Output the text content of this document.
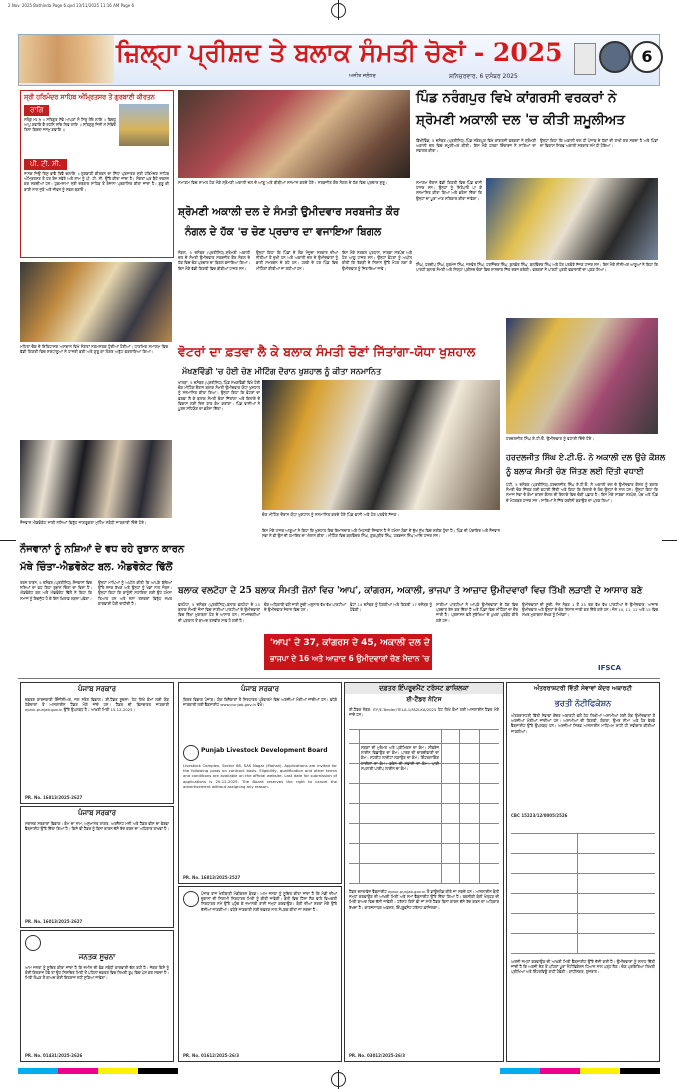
2 Nov. 2025 Bathinda Page 6.qxd 13/11/2025 11:16 AM Page 6
ਜ਼ਿਲ੍ਹਾ ਪ੍ਰੀਸ਼ਦ ਤੇ ਬਲਾਕ ਸੰਮਤੀ ਚੋਣਾਂ - 2025
ਸ਼ਨਿਚਰਵਾਰ, 6 ਦਸੰਬਰ 2025
ਅਜੀਤ ਜਲੰਧਰ
6
ਸ੍ਰੀ ਹਰਿਮੰਦਰ ਸਾਹਿਬ ਅੰਮ੍ਰਿਤਸਰ ਤੋਂ ਗੁਰਬਾਣੀ ਕੀਰਤਨ
ਰਾਗਿ
ਸਲੋਕੁ ਮਃ ੩ ॥ ਸਤਿਗੁਰ ਸੇਵੇ ਆਪਣਾ ਸੋ ਸਿਰੁ ਲੇਖੈ ਲਾਇ ॥ ਵਿਚਹੁ ਆਪੁ ਗਵਾਇ ਕੈ ਰਹਨਿ ਸਚਿ ਲਿਵ ਲਾਇ ॥ ਸਤਿਗੁਰੁ ਜਿਨੀ ਨ ਸੇਵਿਓ ਤਿਨਾ ਬਿਰਥਾ ਜਨਮੁ ਗਵਾਇ ॥
ਪੀ. ਟੀ. ਸੀ.
ਨਾਨਕ ਜਿਉ ਤਿਸੁ ਭਾਵੈ ਤਿਵੈ ਚਲਾਇ ॥ ਗੁਰਬਾਣੀ ਕੀਰਤਨ ਦਾ ਸਿੱਧਾ ਪ੍ਰਸਾਰਣ ਸ੍ਰੀ ਹਰਿਮੰਦਰ ਸਾਹਿਬ ਅੰਮ੍ਰਿਤਸਰ ਤੋਂ ਹਰ ਰੋਜ਼ ਸਵੇਰੇ ਅਤੇ ਸ਼ਾਮ ਨੂੰ ਪੀ. ਟੀ. ਸੀ. ਉੱਤੇ ਕੀਤਾ ਜਾਂਦਾ ਹੈ। ਸੰਗਤਾਂ ਘਰ ਬੈਠੇ ਦਰਸ਼ਨ ਕਰ ਸਕਦੀਆਂ ਹਨ। ਹੁਕਮਨਾਮਾ ਸ੍ਰੀ ਦਰਬਾਰ ਸਾਹਿਬ ਤੋਂ ਰੋਜ਼ਾਨਾ ਪ੍ਰਕਾਸ਼ਿਤ ਕੀਤਾ ਜਾਂਦਾ ਹੈ। ਗੁਰੂ ਕੀ ਬਾਣੀ ਨਾਲ ਜੁੜੋ ਅਤੇ ਜੀਵਨ ਨੂੰ ਸਫਲ ਬਣਾਓ।
ਸਮਾਗਮ ਵਿਚ ਸ਼ਾਮਲ ਹੋਣ ਮੌਕੇ ਸ਼੍ਰੋਮਣੀ ਅਕਾਲੀ ਦਲ ਦੇ ਆਗੂ ਅਤੇ ਬੀਬੀਆਂ ਸਨਮਾਨ ਕਰਦੇ ਹੋਏ। ਸਰਬਜੀਤ ਕੌਰ ਨੰਗਲ ਦੇ ਹੱਕ ਵਿਚ ਪ੍ਰਚਾਰ ਸ਼ੁਰੂ।
ਪਿੰਡ ਨਰੰਗਪੁਰ ਵਿਖੇ ਕਾਂਗਰਸੀ ਵਰਕਰਾਂ ਨੇ
ਸ਼੍ਰੋਮਣੀ ਅਕਾਲੀ ਦਲ 'ਚ ਕੀਤੀ ਸ਼ਮੂਲੀਅਤ
ਭਿੱਖੀਵਿੰਡ, 5 ਦਸੰਬਰ (ਪ੍ਰਤੀਨਿਧ)-ਪਿੰਡ ਨਰੰਗਪੁਰ ਵਿਖੇ ਕਾਂਗਰਸੀ ਵਰਕਰਾਂ ਨੇ ਸ਼੍ਰੋਮਣੀ ਅਕਾਲੀ ਦਲ ਵਿਚ ਸ਼ਮੂਲੀਅਤ ਕੀਤੀ। ਇਸ ਮੌਕੇ ਹਲਕਾ ਇੰਚਾਰਜ ਨੇ ਸਾਰਿਆਂ ਦਾ ਸਵਾਗਤ ਕੀਤਾ।
ਉਨ੍ਹਾਂ ਕਿਹਾ ਕਿ ਅਕਾਲੀ ਦਲ ਹੀ ਪੰਜਾਬ ਦੇ ਹੱਕਾਂ ਦੀ ਰਾਖੀ ਕਰ ਸਕਦਾ ਹੈ ਅਤੇ ਪਿੰਡਾਂ ਦਾ ਵਿਕਾਸ ਸਿਰਫ਼ ਅਕਾਲੀ ਸਰਕਾਰ ਸਮੇਂ ਹੀ ਹੋਇਆ।
ਸਮਾਗਮ ਦੌਰਾਨ ਵੱਡੀ ਗਿਣਤੀ ਵਿਚ ਪਿੰਡ ਵਾਸੀ ਹਾਜ਼ਰ ਸਨ। ਉਨ੍ਹਾਂ ਨੂੰ ਸਿਰੋਪਾਓ ਪਾ ਕੇ ਸਨਮਾਨਿਤ ਕੀਤਾ ਗਿਆ ਅਤੇ ਭਰੋਸਾ ਦਿੱਤਾ ਕਿ ਉਨ੍ਹਾਂ ਦਾ ਪੂਰਾ ਮਾਣ ਸਤਿਕਾਰ ਕੀਤਾ ਜਾਵੇਗਾ।
ਸਿੰਘ, ਹਰਦੀਪ ਸਿੰਘ, ਗੁਰਮੇਜ ਸਿੰਘ, ਜਸਵੰਤ ਸਿੰਘ, ਹਰਜਿੰਦਰ ਸਿੰਘ, ਕੁਲਵੰਤ ਸਿੰਘ, ਬਲਵਿੰਦਰ ਸਿੰਘ ਅਤੇ ਹੋਰ ਪਤਵੰਤੇ ਸੱਜਣ ਹਾਜ਼ਰ ਸਨ। ਇਸ ਮੌਕੇ ਸੀਨੀਅਰ ਆਗੂਆਂ ਨੇ ਕਿਹਾ ਕਿ ਪਾਰਟੀ ਬਲਾਕ ਸੰਮਤੀ ਅਤੇ ਜ਼ਿਲ੍ਹਾ ਪ੍ਰੀਸ਼ਦ ਚੋਣਾਂ ਵਿਚ ਸ਼ਾਨਦਾਰ ਜਿੱਤ ਦਰਜ ਕਰੇਗੀ। ਵਰਕਰਾਂ ਨੇ ਪਾਰਟੀ ਪ੍ਰਤੀ ਵਫ਼ਾਦਾਰੀ ਦਾ ਪ੍ਰਣ ਲਿਆ।
ਸ਼੍ਰੋਮਣੀ ਅਕਾਲੀ ਦਲ ਦੇ ਸੰਮਤੀ ਉਮੀਦਵਾਰ ਸਰਬਜੀਤ ਕੌਰ
ਨੰਗਲ ਦੇ ਹੱਕ 'ਚ ਚੋਣ ਪ੍ਰਚਾਰ ਦਾ ਵਜਾਇਆ ਬਿਗਲ
ਨੰਗਲ, 5 ਦਸੰਬਰ (ਪ੍ਰਤੀਨਿਧ)-ਸ਼੍ਰੋਮਣੀ ਅਕਾਲੀ ਦਲ ਦੇ ਸੰਮਤੀ ਉਮੀਦਵਾਰ ਸਰਬਜੀਤ ਕੌਰ ਨੰਗਲ ਦੇ ਹੱਕ ਵਿਚ ਚੋਣ ਪ੍ਰਚਾਰ ਦਾ ਬਿਗਲ ਵਜਾਇਆ ਗਿਆ। ਇਸ ਮੌਕੇ ਵੱਡੀ ਗਿਣਤੀ ਵਿਚ ਬੀਬੀਆਂ ਹਾਜ਼ਰ ਸਨ।
ਉਨ੍ਹਾਂ ਕਿਹਾ ਕਿ ਪਿੰਡਾਂ ਦੇ ਲੋਕ ਮੌਜੂਦਾ ਸਰਕਾਰ ਦੀਆਂ ਨੀਤੀਆਂ ਤੋਂ ਦੁਖੀ ਹਨ ਅਤੇ ਅਕਾਲੀ ਦਲ ਦੇ ਉਮੀਦਵਾਰਾਂ ਨੂੰ ਭਾਰੀ ਸਮਰਥਨ ਦੇ ਰਹੇ ਹਨ। ਹਲਕੇ ਦੇ ਹਰ ਪਿੰਡ ਵਿਚ ਮੀਟਿੰਗਾਂ ਕੀਤੀਆਂ ਜਾ ਰਹੀਆਂ ਹਨ।
ਇਸ ਮੌਕੇ ਸਰਕਲ ਪ੍ਰਧਾਨ, ਸਾਬਕਾ ਸਰਪੰਚ ਅਤੇ ਹੋਰ ਆਗੂ ਹਾਜ਼ਰ ਸਨ। ਉਨ੍ਹਾਂ ਵੋਟਰਾਂ ਨੂੰ ਅਪੀਲ ਕੀਤੀ ਕਿ ਤੱਕੜੀ ਦੇ ਨਿਸ਼ਾਨ ਉੱਤੇ ਮੋਹਰ ਲਗਾ ਕੇ ਉਮੀਦਵਾਰ ਨੂੰ ਜਿਤਾਇਆ ਜਾਵੇ।
ਮਹਿਤਾ ਚੌਕ ਦੇ ਇਤਿਹਾਸਕ ਅਸਥਾਨ ਵਿਖੇ ਸੰਗਤਾਂ ਨਤਮਸਤਕ ਹੁੰਦੀਆਂ ਹੋਈਆਂ। ਧਾਰਮਿਕ ਸਮਾਗਮ ਵਿਚ ਵੱਡੀ ਗਿਣਤੀ ਵਿਚ ਸ਼ਰਧਾਲੂਆਂ ਨੇ ਹਾਜ਼ਰੀ ਭਰੀ ਅਤੇ ਗੁਰੂ ਕਾ ਲੰਗਰ ਅਤੁੱਟ ਵਰਤਾਇਆ ਗਿਆ।	ਵੋਟਰਾਂ ਦਾ ਫ਼ਤਵਾ ਲੈ ਕੇ ਬਲਾਕ ਸੰਮਤੀ ਚੋਣਾਂ ਜਿੱਤਾਂਗਾ-ਯੋਧਾ ਖੁਸ਼ਹਾਲ
ਮੱਖਣਵਿੰਡੀ 'ਚ ਹੋਈ ਚੋਣ ਮੀਟਿੰਗ ਦੌਰਾਨ ਖੁਸ਼ਹਾਲ ਨੂੰ ਕੀਤਾ ਸਨਮਾਨਿਤ
ਖਾਲੜਾ, 5 ਦਸੰਬਰ (ਪ੍ਰਤੀਨਿਧ)-ਪਿੰਡ ਮੱਖਣਵਿੰਡੀ ਵਿਖੇ ਹੋਈ ਚੋਣ ਮੀਟਿੰਗ ਦੌਰਾਨ ਬਲਾਕ ਸੰਮਤੀ ਉਮੀਦਵਾਰ ਯੋਧਾ ਖੁਸ਼ਹਾਲ ਨੂੰ ਸਨਮਾਨਿਤ ਕੀਤਾ ਗਿਆ। ਉਨ੍ਹਾਂ ਕਿਹਾ ਕਿ ਵੋਟਰਾਂ ਦਾ ਫ਼ਤਵਾ ਲੈ ਕੇ ਬਲਾਕ ਸੰਮਤੀ ਚੋਣਾਂ ਜਿੱਤਾਂਗਾ ਅਤੇ ਇਲਾਕੇ ਦੇ ਵਿਕਾਸ ਲਈ ਦਿਨ ਰਾਤ ਕੰਮ ਕਰਾਂਗਾ। ਪਿੰਡ ਵਾਸੀਆਂ ਨੇ ਪੂਰਨ ਸਹਿਯੋਗ ਦਾ ਭਰੋਸਾ ਦਿੱਤਾ।
ਚੋਣ ਮੀਟਿੰਗ ਦੌਰਾਨ ਯੋਧਾ ਖੁਸ਼ਹਾਲ ਨੂੰ ਸਨਮਾਨਿਤ ਕਰਦੇ ਹੋਏ ਪਿੰਡ ਵਾਸੀ ਅਤੇ ਹੋਰ ਪਤਵੰਤੇ ਸੱਜਣ।
ਇਸ ਮੌਕੇ ਹਾਜ਼ਰ ਆਗੂਆਂ ਨੇ ਕਿਹਾ ਕਿ ਖੁਸ਼ਹਾਲ ਇਕ ਇਮਾਨਦਾਰ ਅਤੇ ਮਿਹਨਤੀ ਨੌਜਵਾਨ ਹੈ ਜੋ ਹਮੇਸ਼ਾ ਲੋਕਾਂ ਦੇ ਦੁੱਖ ਸੁੱਖ ਵਿਚ ਸ਼ਰੀਕ ਹੁੰਦਾ ਹੈ। ਪਿੰਡ ਦੀ ਪੰਚਾਇਤ ਅਤੇ ਨੌਜਵਾਨ ਸਭਾ ਨੇ ਵੀ ਉਸ ਦੀ ਹਮਾਇਤ ਦਾ ਐਲਾਨ ਕੀਤਾ। ਮੀਟਿੰਗ ਵਿਚ ਬਲਵਿੰਦਰ ਸਿੰਘ, ਗੁਰਪ੍ਰੀਤ ਸਿੰਘ, ਹਰਭਜਨ ਸਿੰਘ ਆਦਿ ਹਾਜ਼ਰ ਸਨ।
ਹਰਦਲਜੀਤ ਸਿੰਘ ਏ.ਟੀ.ਓ. ਉਮੀਦਵਾਰ ਨੂੰ ਵਧਾਈ ਦਿੰਦੇ ਹੋਏ।
ਹਰਦਲਜੀਤ ਸਿੰਘ ਏ.ਟੀ.ਓ. ਨੇ ਅਕਾਲੀ ਦਲ ਉਚੇ ਕੌਸ਼ਲ
ਨੂੰ ਬਲਾਕ ਸੰਮਤੀ ਚੋਣ ਜਿੱਤਣ ਲਈ ਦਿੱਤੀ ਵਧਾਈ
ਪੱਟੀ, 5 ਦਸੰਬਰ (ਪ੍ਰਤੀਨਿਧ)-ਹਰਦਲਜੀਤ ਸਿੰਘ ਏ.ਟੀ.ਓ. ਨੇ ਅਕਾਲੀ ਦਲ ਦੇ ਉਮੀਦਵਾਰ ਕੌਸ਼ਲ ਨੂੰ ਬਲਾਕ ਸੰਮਤੀ ਚੋਣ ਜਿੱਤਣ ਲਈ ਵਧਾਈ ਦਿੱਤੀ ਅਤੇ ਕਿਹਾ ਕਿ ਇਲਾਕੇ ਦੇ ਲੋਕ ਉਨ੍ਹਾਂ ਦੇ ਨਾਲ ਹਨ। ਉਨ੍ਹਾਂ ਕਿਹਾ ਕਿ ਸਮਾਜ ਸੇਵਾ ਦੇ ਕੰਮਾਂ ਕਾਰਨ ਕੌਸ਼ਲ ਦੀ ਇਲਾਕੇ ਵਿਚ ਚੰਗੀ ਪਛਾਣ ਹੈ। ਇਸ ਮੌਕੇ ਸਾਬਕਾ ਸਰਪੰਚ, ਪੰਚ ਅਤੇ ਪਿੰਡ ਦੇ ਮੋਹਤਬਰ ਹਾਜ਼ਰ ਸਨ। ਸਾਰਿਆਂ ਨੇ ਜਿੱਤ ਯਕੀਨੀ ਬਣਾਉਣ ਦਾ ਪ੍ਰਣ ਲਿਆ।
ਨੌਜਵਾਨ ਐਡਵੋਕੇਟ ਸਾਥੀ ਨਸ਼ਿਆਂ ਵਿਰੁੱਧ ਜਾਗਰੂਕਤਾ ਮੁਹਿੰਮ ਸਬੰਧੀ ਜਾਣਕਾਰੀ ਦਿੰਦੇ ਹੋਏ।
ਨੌਜਵਾਨਾਂ ਨੂੰ ਨਸ਼ਿਆਂ ਦੇ ਵਧ ਰਹੇ ਰੁਝਾਨ ਕਾਰਨ
ਮੱਥੇ ਚਿੰਤਾ-ਐਡਵੋਕੇਟ ਬਲ. ਐਡਵੋਕੇਟ ਢਿੱਲੋਂ
ਤਰਨ ਤਾਰਨ, 5 ਦਸੰਬਰ (ਪ੍ਰਤੀਨਿਧ)-ਨੌਜਵਾਨਾਂ ਵਿਚ ਨਸ਼ਿਆਂ ਦਾ ਵਧ ਰਿਹਾ ਰੁਝਾਨ ਚਿੰਤਾ ਦਾ ਵਿਸ਼ਾ ਹੈ। ਐਡਵੋਕੇਟ ਬਲ ਅਤੇ ਐਡਵੋਕੇਟ ਢਿੱਲੋਂ ਨੇ ਕਿਹਾ ਕਿ ਸਮਾਜ ਨੂੰ ਇਕਜੁੱਟ ਹੋ ਕੇ ਇਸ ਖ਼ਿਲਾਫ਼ ਲੜਨਾ ਪਵੇਗਾ।
ਉਨ੍ਹਾਂ ਮਾਪਿਆਂ ਨੂੰ ਅਪੀਲ ਕੀਤੀ ਕਿ ਆਪਣੇ ਬੱਚਿਆਂ ਉੱਤੇ ਨਜ਼ਰ ਰੱਖਣ ਅਤੇ ਉਨ੍ਹਾਂ ਨੂੰ ਖੇਡਾਂ ਨਾਲ ਜੋੜਨ। ਉਨ੍ਹਾਂ ਕਿਹਾ ਕਿ ਕਾਨੂੰਨੀ ਸਹਾਇਤਾ ਲਈ ਉਹ ਹਮੇਸ਼ਾ ਤਿਆਰ ਹਨ ਅਤੇ ਨਸ਼ਾ ਤਸਕਰਾਂ ਵਿਰੁੱਧ ਸਖ਼ਤ ਕਾਰਵਾਈ ਹੋਣੀ ਚਾਹੀਦੀ ਹੈ।
ਬਲਾਕ ਵਲਟੋਹਾ ਦੇ 25 ਬਲਾਕ ਸੰਮਤੀ ਜ਼ੋਨਾਂ ਵਿਚ 'ਆਪ', ਕਾਂਗਰਸ, ਅਕਾਲੀ, ਭਾਜਪਾ ਤੇ ਆਜ਼ਾਦ ਉਮੀਦਵਾਰਾਂ ਵਿਚ ਤਿੱਖੀ ਲੜਾਈ ਦੇ ਆਸਾਰ ਬਣੇ
ਵਲਟੋਹਾ, 5 ਦਸੰਬਰ (ਪ੍ਰਤੀਨਿਧ)-ਬਲਾਕ ਵਲਟੋਹਾ ਦੇ 25 ਬਲਾਕ ਸੰਮਤੀ ਜ਼ੋਨਾਂ ਵਿਚ ਸਾਰੀਆਂ ਪਾਰਟੀਆਂ ਦੇ ਉਮੀਦਵਾਰਾਂ ਵਿਚ ਤਿੱਖਾ ਮੁਕਾਬਲਾ ਹੋਣ ਦੇ ਆਸਾਰ ਹਨ। ਨਾਮਜ਼ਦਗੀਆਂ ਦੀ ਪੜਤਾਲ ਤੋਂ ਬਾਅਦ ਤਸਵੀਰ ਸਾਫ਼ ਹੋ ਗਈ ਹੈ।
ਚੋਣ ਅਧਿਕਾਰੀ ਵਲੋਂ ਜਾਰੀ ਸੂਚੀ ਅਨੁਸਾਰ ਵੱਖ ਵੱਖ ਪਾਰਟੀਆਂ ਦੇ ਉਮੀਦਵਾਰ ਮੈਦਾਨ ਵਿਚ ਹਨ।
ਵੋਟਾਂ 14 ਦਸੰਬਰ ਨੂੰ ਪੈਣਗੀਆਂ ਅਤੇ ਗਿਣਤੀ 17 ਦਸੰਬਰ ਨੂੰ ਹੋਵੇਗੀ।
ਸਾਰੀਆਂ ਪਾਰਟੀਆਂ ਨੇ ਆਪਣੇ ਉਮੀਦਵਾਰਾਂ ਦੇ ਹੱਕ ਵਿਚ ਪ੍ਰਚਾਰ ਤੇਜ਼ ਕਰ ਦਿੱਤਾ ਹੈ ਅਤੇ ਪਿੰਡਾਂ ਵਿਚ ਮੀਟਿੰਗਾਂ ਦਾ ਦੌਰ ਜਾਰੀ ਹੈ। ਪ੍ਰਸ਼ਾਸਨ ਵਲੋਂ ਸੁਰੱਖਿਆ ਦੇ ਪੁਖ਼ਤਾ ਪ੍ਰਬੰਧ ਕੀਤੇ ਗਏ ਹਨ।
ਉਮੀਦਵਾਰਾਂ ਦੀ ਸੂਚੀ: ਜ਼ੋਨ ਨੰਬਰ 1 ਤੋਂ 25 ਤਕ ਵੱਖ ਵੱਖ ਪਾਰਟੀਆਂ ਦੇ ਉਮੀਦਵਾਰ, ਆਜ਼ਾਦ ਉਮੀਦਵਾਰ ਅਤੇ ਉਨ੍ਹਾਂ ਦੇ ਚੋਣ ਨਿਸ਼ਾਨ ਜਾਰੀ ਕਰ ਦਿੱਤੇ ਗਏ ਹਨ। ਜ਼ੋਨ 10, 11, 12 ਅਤੇ 15 ਵਿਚ ਸਖ਼ਤ ਮੁਕਾਬਲਾ ਦੇਖਣ ਨੂੰ ਮਿਲੇਗਾ।
'ਆਪ' ਦੇ 37, ਕਾਂਗਰਸ ਦੇ 45, ਅਕਾਲੀ ਦਲ ਦੇ 27,
ਭਾਜਪਾ ਦੇ 16 ਅਤੇ ਆਜ਼ਾਦ 6 ਉਮੀਦਵਾਰਾਂ ਚੋਣ ਮੈਦਾਨ 'ਚ
IFSCA
ਪੰਜਾਬ ਸਰਕਾਰ
ਦਫ਼ਤਰ ਕਾਰਜਕਾਰੀ ਇੰਜੀਨੀਅਰ, ਜਲ ਸਰੋਤ ਵਿਭਾਗ। ਈ-ਟੈਂਡਰ ਸੂਚਨਾ: ਹੇਠ ਲਿਖੇ ਕੰਮਾਂ ਲਈ ਯੋਗ ਠੇਕੇਦਾਰਾਂ ਤੋਂ ਆਨਲਾਈਨ ਟੈਂਡਰ ਮੰਗੇ ਜਾਂਦੇ ਹਨ। ਟੈਂਡਰ ਦੀ ਵਿਸਥਾਰਤ ਜਾਣਕਾਰੀ eproc.punjab.gov.in ਉੱਤੇ ਉਪਲਬਧ ਹੈ। ਆਖ਼ਰੀ ਮਿਤੀ 15-12-2025।
PR. No. 16813/2025-2627
ਪੰਜਾਬ ਸਰਕਾਰ
ਸਥਾਨਕ ਸਰਕਾਰਾਂ ਵਿਭਾਗ। ਕੰਮ ਦਾ ਨਾਮ, ਅਨੁਮਾਨਤ ਲਾਗਤ, ਅਰਨੈਸਟ ਮਨੀ ਅਤੇ ਟੈਂਡਰ ਫੀਸ ਦਾ ਵੇਰਵਾ ਵੈੱਬਸਾਈਟ ਉੱਤੇ ਦਿੱਤਾ ਗਿਆ ਹੈ। ਕਿਸੇ ਵੀ ਟੈਂਡਰ ਨੂੰ ਬਿਨਾਂ ਕਾਰਨ ਦੱਸੇ ਰੱਦ ਕਰਨ ਦਾ ਅਧਿਕਾਰ ਰਾਖਵਾਂ ਹੈ।
PR. No. 16013/2025-2627
ਜਨਤਕ ਸੂਚਨਾ
ਆਮ ਜਨਤਾ ਨੂੰ ਸੂਚਿਤ ਕੀਤਾ ਜਾਂਦਾ ਹੈ ਕਿ ਜ਼ਮੀਨ ਦੀ ਵੰਡ ਸਬੰਧੀ ਕਾਰਵਾਈ ਚੱਲ ਰਹੀ ਹੈ। ਜੇਕਰ ਕਿਸੇ ਨੂੰ ਕੋਈ ਇਤਰਾਜ਼ ਹੋਵੇ ਤਾਂ ਉਹ ਨਿਸ਼ਚਿਤ ਮਿਤੀ ਤੋਂ ਪਹਿਲਾਂ ਦਫ਼ਤਰ ਵਿਚ ਲਿਖਤੀ ਰੂਪ ਵਿਚ ਪੇਸ਼ ਕਰ ਸਕਦਾ ਹੈ। ਮਿਤੀ ਲੰਘਣ ਤੋਂ ਬਾਅਦ ਕੋਈ ਇਤਰਾਜ਼ ਨਹੀਂ ਸੁਣਿਆ ਜਾਵੇਗਾ।
PR. No. 01431/2025-2626
ਪੰਜਾਬ ਸਰਕਾਰ
ਕਿਰਤ ਵਿਭਾਗ ਪੰਜਾਬ। ਯੋਗ ਬਿਨੈਕਾਰਾਂ ਤੋਂ ਨਿਰਧਾਰਤ ਪ੍ਰੋਫਾਰਮੇ ਵਿਚ ਅਰਜ਼ੀਆਂ ਮੰਗੀਆਂ ਜਾਂਦੀਆਂ ਹਨ। ਵਧੇਰੇ ਜਾਣਕਾਰੀ ਲਈ ਵੈੱਬਸਾਈਟ www.punjab.gov.in ਵੇਖੋ।
Punjab Livestock Development Board
Livestock Complex, Sector 68, SAS Nagar (Mohali). Applications are invited for the following posts on contract basis. Eligibility, qualification and other terms and conditions are available on the official website. Last date for submission of applications is 20-12-2025. The Board reserves the right to cancel the advertisement without assigning any reason.
PR. No. 16813/2025-2527
ਪੰਜਾਬ ਰਾਜ ਖੇਤੀਬਾੜੀ ਮੰਡੀਕਰਨ ਬੋਰਡ। ਆਮ ਜਨਤਾ ਨੂੰ ਸੂਚਿਤ ਕੀਤਾ ਜਾਂਦਾ ਹੈ ਕਿ ਮੰਡੀ ਦੀਆਂ ਦੁਕਾਨਾਂ ਦੀ ਨਿਲਾਮੀ ਨਿਰਧਾਰਤ ਮਿਤੀ ਨੂੰ ਕੀਤੀ ਜਾਵੇਗੀ। ਬੋਲੀ ਵਿਚ ਹਿੱਸਾ ਲੈਣ ਵਾਲੇ ਵਿਅਕਤੀ ਨਿਰਧਾਰਤ ਸਮੇਂ ਉੱਤੇ ਪਹੁੰਚ ਕੇ ਜ਼ਮਾਨਤੀ ਰਾਸ਼ੀ ਜਮ੍ਹਾਂ ਕਰਵਾਉਣ। ਬੋਲੀ ਦੀਆਂ ਸ਼ਰਤਾਂ ਮੌਕੇ ਉੱਤੇ ਦੱਸੀਆਂ ਜਾਣਗੀਆਂ। ਵਧੇਰੇ ਜਾਣਕਾਰੀ ਲਈ ਦਫ਼ਤਰ ਨਾਲ ਸੰਪਰਕ ਕੀਤਾ ਜਾ ਸਕਦਾ ਹੈ।
PR. No. 01612/2025-26/3
ਦਫ਼ਤਰ ਇੰਪਰੂਵਮੈਂਟ ਟਰੱਸਟ ਫ਼ਾਜ਼ਿਲਕਾ
ਈ-ਟੈਂਡਰ ਨੋਟਿਸ
ਈ-ਟੈਂਡਰ ਨੰਬਰ: ITF/E-Tender/TELA-1/FA2LKA/2025 ਹੇਠ ਲਿਖੇ ਕੰਮਾਂ ਲਈ ਆਨਲਾਈਨ ਟੈਂਡਰ ਮੰਗੇ ਜਾਂਦੇ ਹਨ।
ਸੜਕਾਂ ਦੀ ਮੁਰੰਮਤ ਅਤੇ ਪ੍ਰੀਮਿਕਸ ਦਾ ਕੰਮ। ਸੀਵਰੇਜ ਲਾਈਨ ਵਿਛਾਉਣ ਦਾ ਕੰਮ। ਪਾਰਕ ਦੀ ਚਾਰਦੀਵਾਰੀ ਦਾ ਕੰਮ। ਸਟਰੀਟ ਲਾਈਟਾਂ ਲਗਾਉਣ ਦਾ ਕੰਮ। ਇੰਟਰਲਾਕਿੰਗ ਟਾਈਲਾਂ ਦਾ ਕੰਮ। ਡਰੇਨ ਦੀ ਸਫ਼ਾਈ ਦਾ ਕੰਮ। ਪਾਣੀ ਸਪਲਾਈ ਪਾਈਪ ਲਾਈਨ ਦਾ ਕੰਮ।
ਟੈਂਡਰ ਦਸਤਾਵੇਜ਼ ਵੈੱਬਸਾਈਟ eproc.punjab.gov.in ਤੋਂ ਡਾਊਨਲੋਡ ਕੀਤੇ ਜਾ ਸਕਦੇ ਹਨ। ਆਨਲਾਈਨ ਬੋਲੀ ਜਮ੍ਹਾਂ ਕਰਵਾਉਣ ਦੀ ਆਖ਼ਰੀ ਮਿਤੀ ਅਤੇ ਸਮਾਂ ਵੈੱਬਸਾਈਟ ਉੱਤੇ ਦਿੱਤਾ ਗਿਆ ਹੈ। ਤਕਨੀਕੀ ਬੋਲੀ ਖੋਲ੍ਹਣ ਦੀ ਮਿਤੀ ਬਾਅਦ ਵਿਚ ਦੱਸੀ ਜਾਵੇਗੀ। ਟਰੱਸਟ ਕਿਸੇ ਵੀ ਜਾਂ ਸਾਰੇ ਟੈਂਡਰ ਬਿਨਾਂ ਕਾਰਨ ਦੱਸੇ ਰੱਦ ਕਰਨ ਦਾ ਅਧਿਕਾਰ ਰੱਖਦਾ ਹੈ। ਕਾਰਜਸਾਧਕ ਅਫ਼ਸਰ, ਇੰਪਰੂਵਮੈਂਟ ਟਰੱਸਟ ਫ਼ਾਜ਼ਿਲਕਾ।
PR. No. 03012/2025-26/3
ਅੰਤਰਰਾਸ਼ਟਰੀ ਵਿੱਤੀ ਸੇਵਾਵਾਂ ਕੇਂਦਰ ਅਥਾਰਟੀ
ਭਰਤੀ ਨੋਟੀਫਿਕੇਸ਼ਨ
ਅੰਤਰਰਾਸ਼ਟਰੀ ਵਿੱਤੀ ਸੇਵਾਵਾਂ ਕੇਂਦਰ ਅਥਾਰਟੀ ਵਲੋਂ ਹੇਠ ਲਿਖੀਆਂ ਅਸਾਮੀਆਂ ਲਈ ਯੋਗ ਉਮੀਦਵਾਰਾਂ ਤੋਂ ਅਰਜ਼ੀਆਂ ਮੰਗੀਆਂ ਜਾਂਦੀਆਂ ਹਨ। ਅਸਾਮੀਆਂ ਦੀ ਗਿਣਤੀ, ਯੋਗਤਾ, ਉਮਰ ਸੀਮਾ ਅਤੇ ਹੋਰ ਵੇਰਵੇ ਵੈੱਬਸਾਈਟ ਉੱਤੇ ਉਪਲਬਧ ਹਨ। ਅਰਜ਼ੀਆਂ ਸਿਰਫ਼ ਆਨਲਾਈਨ ਮਾਧਿਅਮ ਰਾਹੀਂ ਹੀ ਸਵੀਕਾਰ ਕੀਤੀਆਂ ਜਾਣਗੀਆਂ।
CBC 15223/12/0005/2526
ਅਰਜ਼ੀ ਜਮ੍ਹਾਂ ਕਰਵਾਉਣ ਦੀ ਆਖ਼ਰੀ ਮਿਤੀ ਵੈੱਬਸਾਈਟ ਉੱਤੇ ਦੱਸੀ ਗਈ ਹੈ। ਉਮੀਦਵਾਰਾਂ ਨੂੰ ਸਲਾਹ ਦਿੱਤੀ ਜਾਂਦੀ ਹੈ ਕਿ ਅਰਜ਼ੀ ਦੇਣ ਤੋਂ ਪਹਿਲਾਂ ਪੂਰਾ ਨੋਟੀਫਿਕੇਸ਼ਨ ਧਿਆਨ ਨਾਲ ਪੜ੍ਹ ਲੈਣ। ਚੋਣ ਪ੍ਰਕਿਰਿਆ ਲਿਖਤੀ ਪ੍ਰੀਖਿਆ ਅਤੇ ਇੰਟਰਵਿਊ ਰਾਹੀਂ ਹੋਵੇਗੀ। ਗਾਂਧੀਨਗਰ, ਗੁਜਰਾਤ।
